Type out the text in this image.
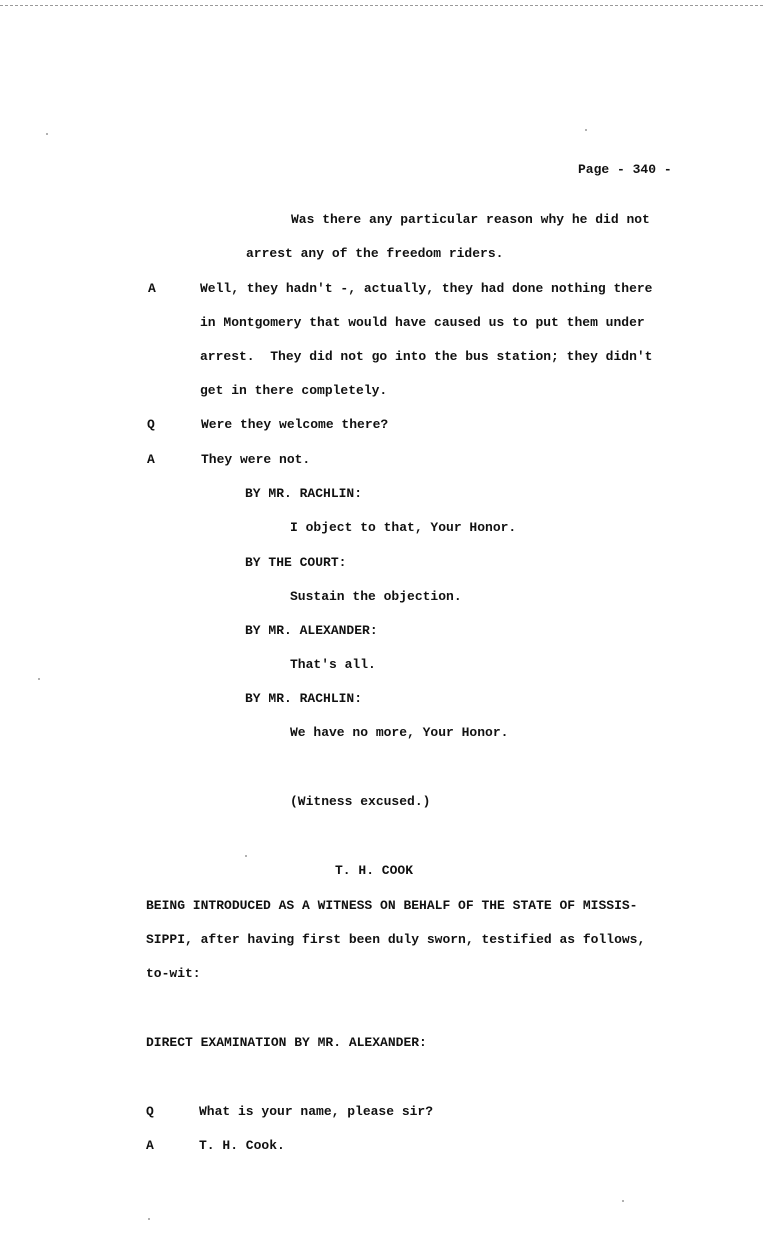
Page - 340 -
Was there any particular reason why he did not
arrest any of the freedom riders.
A	Well, they hadn't -, actually, they had done nothing there
in Montgomery that would have caused us to put them under
arrest.  They did not go into the bus station; they didn't
get in there completely.
Q	Were they welcome there?
A	They were not.
BY MR. RACHLIN:
I object to that, Your Honor.
BY THE COURT:
Sustain the objection.
BY MR. ALEXANDER:
That's all.
BY MR. RACHLIN:
We have no more, Your Honor.
(Witness excused.)
T. H. COOK
BEING INTRODUCED AS A WITNESS ON BEHALF OF THE STATE OF MISSIS-
SIPPI, after having first been duly sworn, testified as follows,
to-wit:
DIRECT EXAMINATION BY MR. ALEXANDER:
Q	What is your name, please sir?
A	T. H. Cook.
